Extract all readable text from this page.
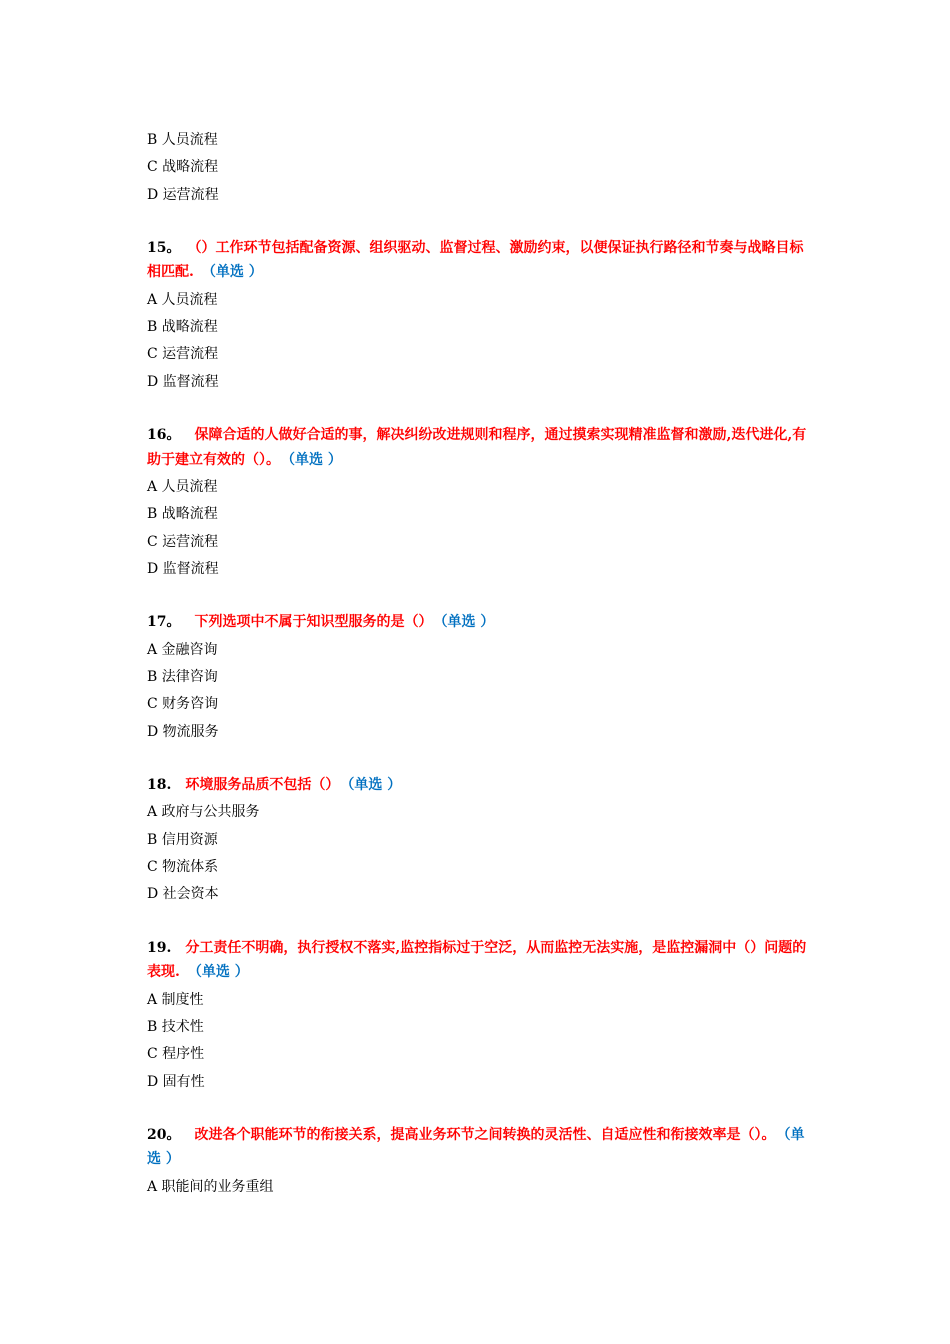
B 人员流程
C 战略流程
D 运营流程
15。 （）工作环节包括配备资源、组织驱动、监督过程、激励约束，以便保证执行路径和节奏与战略目标相匹配. （单选 ）
A 人员流程
B 战略流程
C 运营流程
D 监督流程
16。 保障合适的人做好合适的事，解决纠纷改进规则和程序，通过摸索实现精准监督和激励,迭代进化,有助于建立有效的（）。 （单选 ）
A 人员流程
B 战略流程
C 运营流程
D 监督流程
17。 下列选项中不属于知识型服务的是（） （单选 ）
A 金融咨询
B 法律咨询
C 财务咨询
D 物流服务
18. 环境服务品质不包括（） （单选 ）
A 政府与公共服务
B 信用资源
C 物流体系
D 社会资本
19. 分工责任不明确，执行授权不落实,监控指标过于空泛，从而监控无法实施，是监控漏洞中（）问题的表现. （单选 ）
A 制度性
B 技术性
C 程序性
D 固有性
20。 改进各个职能环节的衔接关系，提高业务环节之间转换的灵活性、自适应性和衔接效率是（）。 （单选 ）
A 职能间的业务重组
